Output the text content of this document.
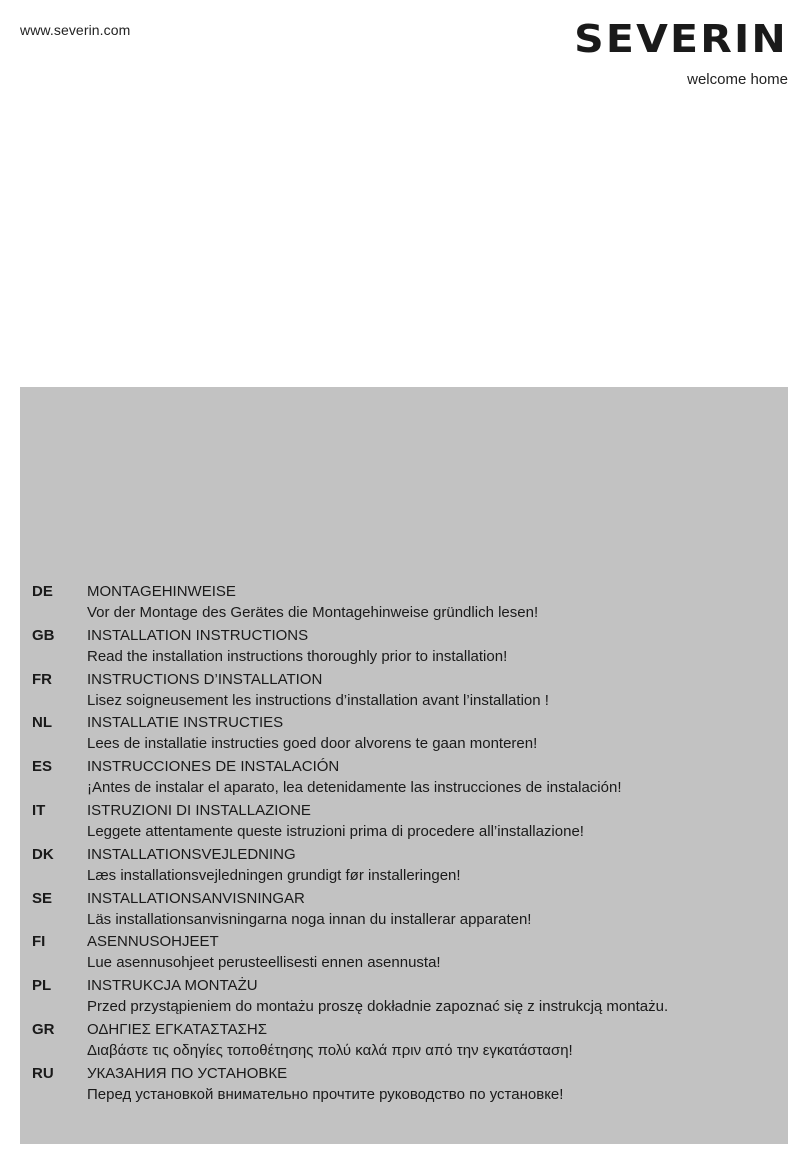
www.severin.com	SEVERIN
welcome home
DE	MONTAGEHINWEISE
Vor der Montage des Gerätes die Montagehinweise gründlich lesen!
GB	INSTALLATION INSTRUCTIONS
Read the installation instructions thoroughly prior to installation!
FR	INSTRUCTIONS D’INSTALLATION
Lisez soigneusement les instructions d’installation avant l’installation !
NL	INSTALLATIE INSTRUCTIES
Lees de installatie instructies goed door alvorens te gaan monteren!
ES	INSTRUCCIONES DE INSTALACIÓN
¡Antes de instalar el aparato, lea detenidamente las instrucciones de instalación!
IT	ISTRUZIONI DI INSTALLAZIONE
Leggete attentamente queste istruzioni prima di procedere all’installazione!
DK	INSTALLATIONSVEJLEDNING
Læs installationsvejledningen grundigt før installeringen!
SE	INSTALLATIONSANVISNINGAR
Läs installationsanvisningarna noga innan du installerar apparaten!
FI	ASENNUSOHJEET
Lue asennusohjeet perusteellisesti ennen asennusta!
PL	INSTRUKCJA MONTAŻU
Przed przystąpieniem do montażu proszę dokładnie zapoznać się z instrukcją montażu.
GR	ΟΔΗΓΙΕΣ ΕΓΚΑΤΑΣΤΑΣΗΣ
Διαβάστε τις οδηγίες τοποθέτησης πολύ καλά πριν από την εγκατάσταση!
RU	УКАЗАНИЯ ПО УСТАНОВКЕ
Перед установкой внимательно прочтите руководство по установке!
